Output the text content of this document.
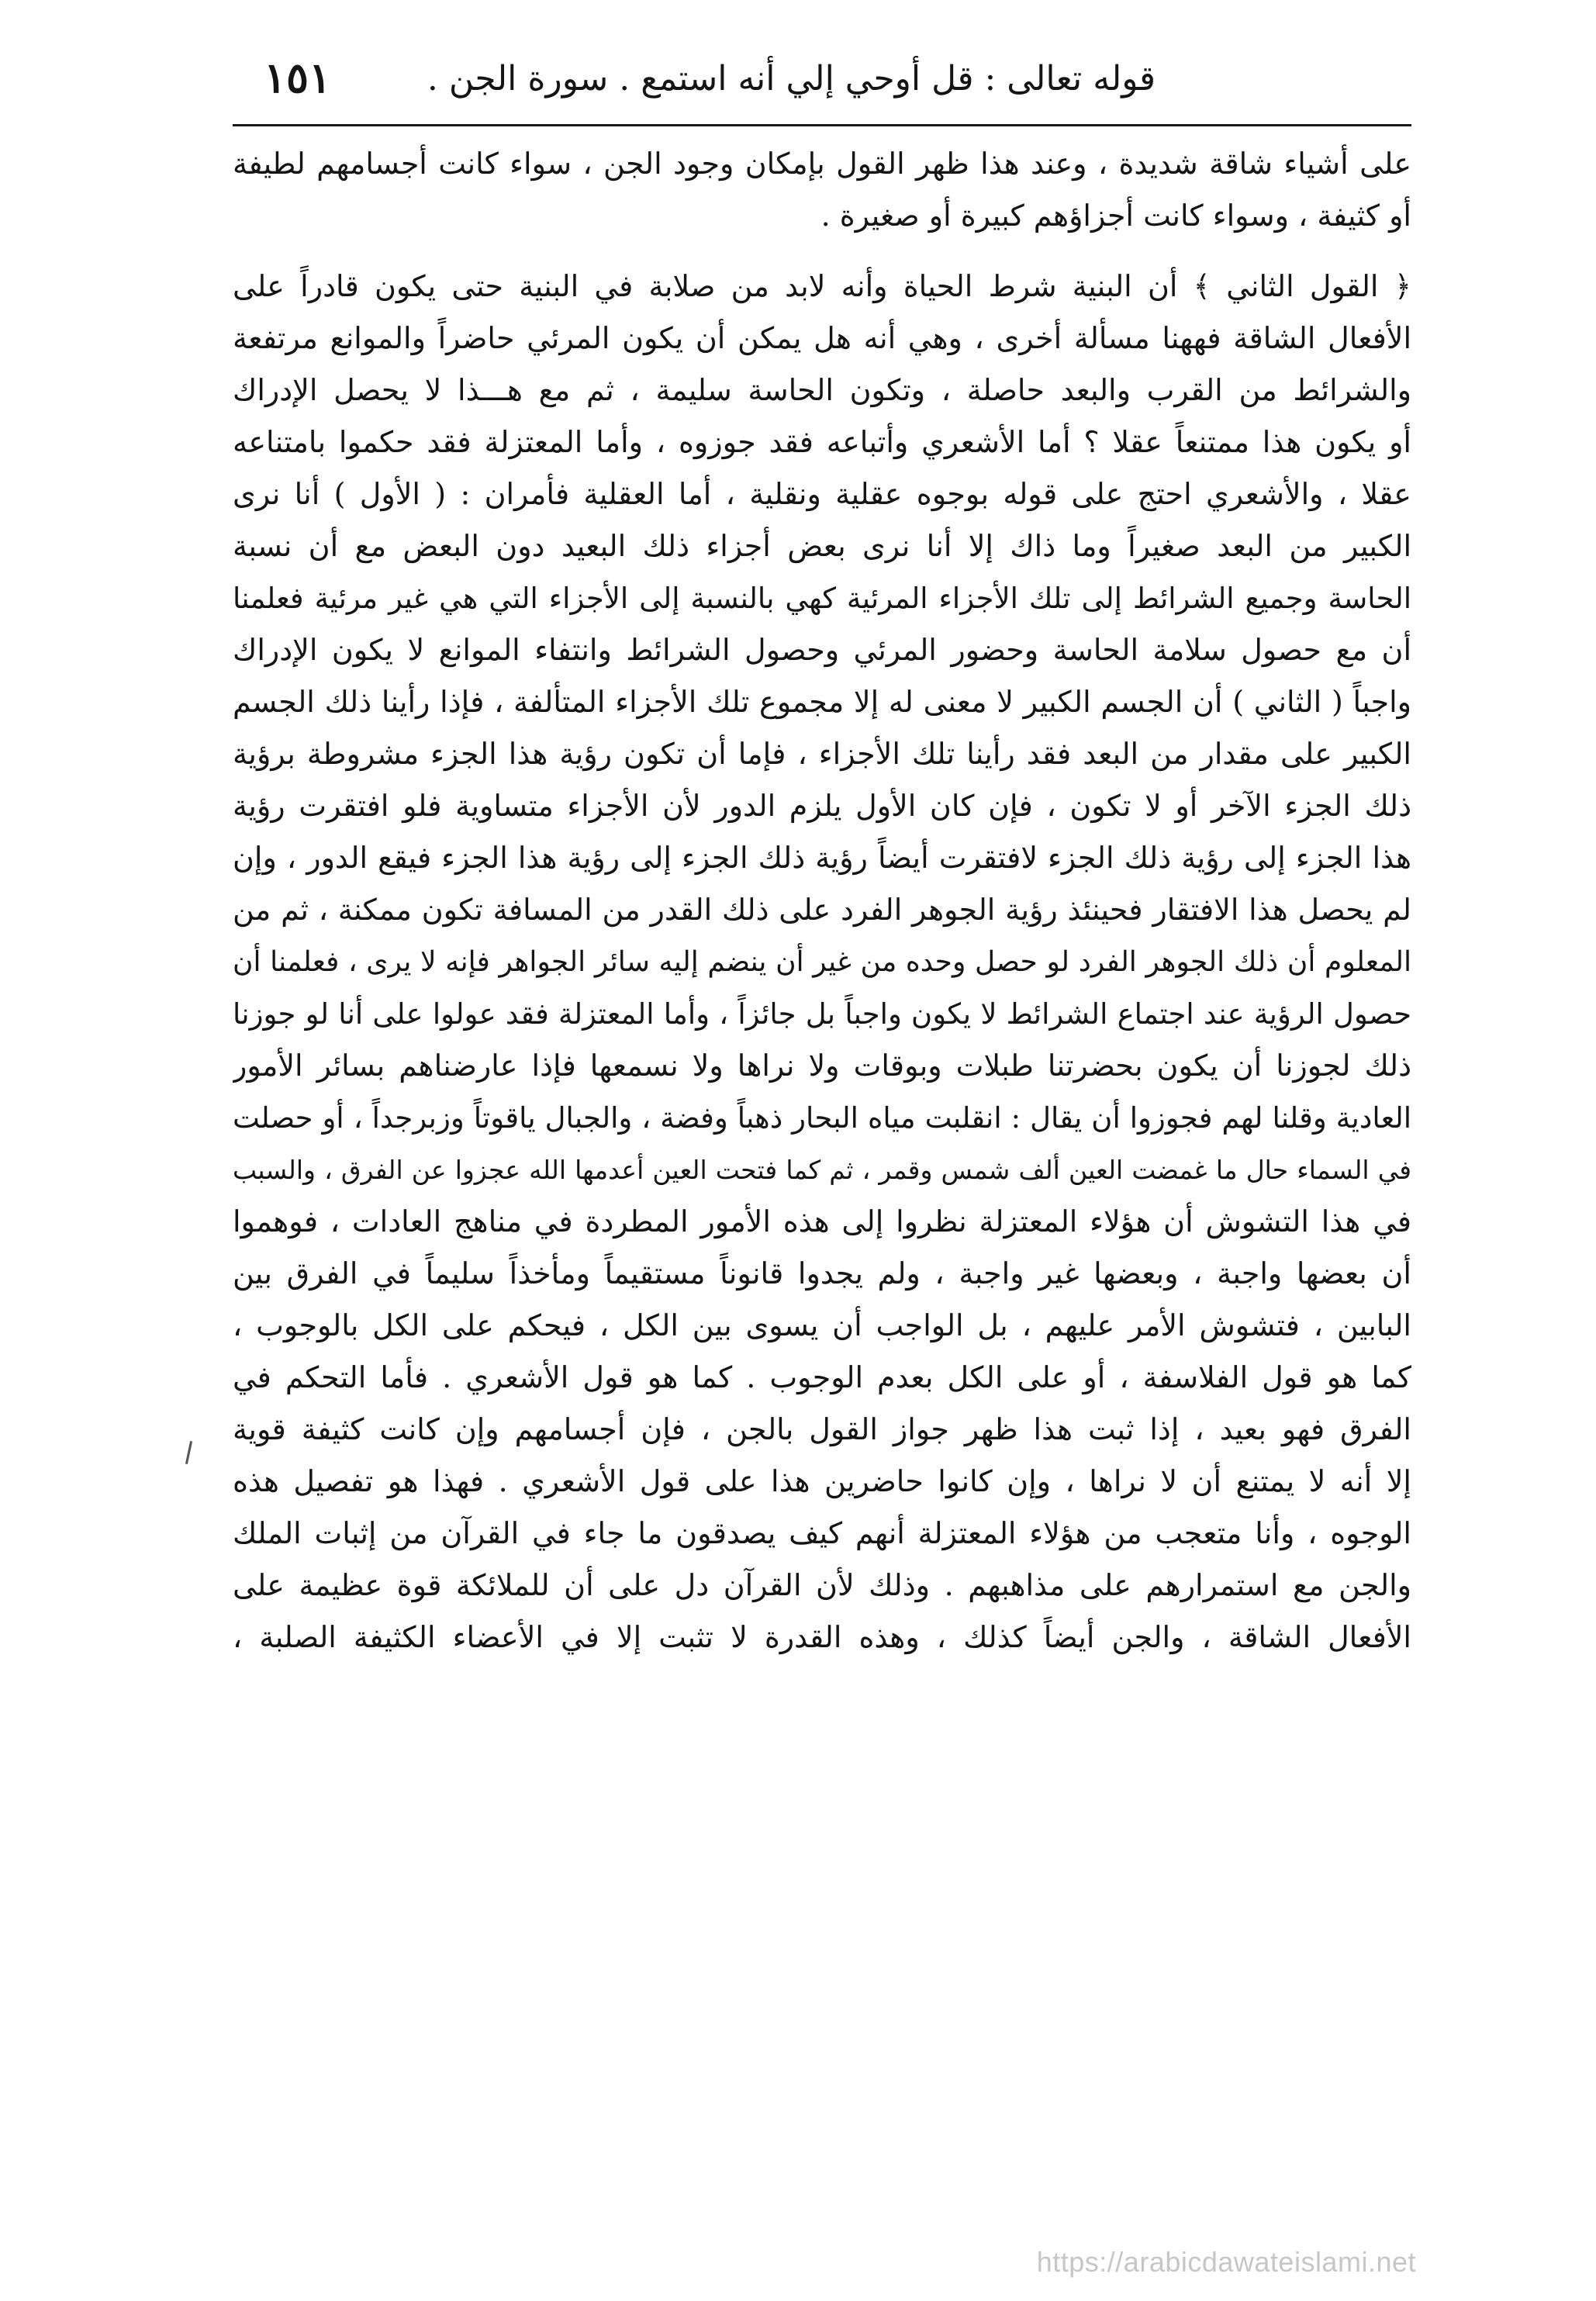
قوله تعالى : قل أوحي إلي أنه استمع . سورة الجن .
١٥١
على أشياء شاقة شديدة ، وعند هذا ظهر القول بإمكان وجود الجن ، سواء كانت أجسامهم لطيفة
أو كثيفة ، وسواء كانت أجزاؤهم كبيرة أو صغيرة .
﴿ القول الثاني ﴾ أن البنية شرط الحياة وأنه لابد من صلابة في البنية حتى يكون قادراً على
الأفعال الشاقة فههنا مسألة أخرى ، وهي أنه هل يمكن أن يكون المرئي حاضراً والموانع مرتفعة
والشرائط من القرب والبعد حاصلة ، وتكون الحاسة سليمة ، ثم مع هـــذا لا يحصل الإدراك
أو يكون هذا ممتنعاً عقلا ؟ أما الأشعري وأتباعه فقد جوزوه ، وأما المعتزلة فقد حكموا بامتناعه
عقلا ، والأشعري احتج على قوله بوجوه عقلية ونقلية ، أما العقلية فأمران : ( الأول ) أنا نرى
الكبير من البعد صغيراً وما ذاك إلا أنا نرى بعض أجزاء ذلك البعيد دون البعض مع أن نسبة
الحاسة وجميع الشرائط إلى تلك الأجزاء المرئية كهي بالنسبة إلى الأجزاء التي هي غير مرئية فعلمنا
أن مع حصول سلامة الحاسة وحضور المرئي وحصول الشرائط وانتفاء الموانع لا يكون الإدراك
واجباً ( الثاني ) أن الجسم الكبير لا معنى له إلا مجموع تلك الأجزاء المتألفة ، فإذا رأينا ذلك الجسم
الكبير على مقدار من البعد فقد رأينا تلك الأجزاء ، فإما أن تكون رؤية هذا الجزء مشروطة برؤية
ذلك الجزء الآخر أو لا تكون ، فإن كان الأول يلزم الدور لأن الأجزاء متساوية فلو افتقرت رؤية
هذا الجزء إلى رؤية ذلك الجزء لافتقرت أيضاً رؤية ذلك الجزء إلى رؤية هذا الجزء فيقع الدور ، وإن
لم يحصل هذا الافتقار فحينئذ رؤية الجوهر الفرد على ذلك القدر من المسافة تكون ممكنة ، ثم من
المعلوم أن ذلك الجوهر الفرد لو حصل وحده من غير أن ينضم إليه سائر الجواهر فإنه لا يرى ، فعلمنا أن
حصول الرؤية عند اجتماع الشرائط لا يكون واجباً بل جائزاً ، وأما المعتزلة فقد عولوا على أنا لو جوزنا
ذلك لجوزنا أن يكون بحضرتنا طبلات وبوقات ولا نراها ولا نسمعها فإذا عارضناهم بسائر الأمور
العادية وقلنا لهم فجوزوا أن يقال : انقلبت مياه البحار ذهباً وفضة ، والجبال ياقوتاً وزبرجداً ، أو حصلت
في السماء حال ما غمضت العين ألف شمس وقمر ، ثم كما فتحت العين أعدمها الله عجزوا عن الفرق ، والسبب
في هذا التشوش أن هؤلاء المعتزلة نظروا إلى هذه الأمور المطردة في مناهج العادات ، فوهموا
أن بعضها واجبة ، وبعضها غير واجبة ، ولم يجدوا قانوناً مستقيماً ومأخذاً سليماً في الفرق بين
البابين ، فتشوش الأمر عليهم ، بل الواجب أن يسوى بين الكل ، فيحكم على الكل بالوجوب ،
كما هو قول الفلاسفة ، أو على الكل بعدم الوجوب . كما هو قول الأشعري . فأما التحكم في
الفرق فهو بعيد ، إذا ثبت هذا ظهر جواز القول بالجن ، فإن أجسامهم وإن كانت كثيفة قوية
إلا أنه لا يمتنع أن لا نراها ، وإن كانوا حاضرين هذا على قول الأشعري . فهذا هو تفصيل هذه
الوجوه ، وأنا متعجب من هؤلاء المعتزلة أنهم كيف يصدقون ما جاء في القرآن من إثبات الملك
والجن مع استمرارهم على مذاهبهم . وذلك لأن القرآن دل على أن للملائكة قوة عظيمة على
الأفعال الشاقة ، والجن أيضاً كذلك ، وهذه القدرة لا تثبت إلا في الأعضاء الكثيفة الصلبة ،
https://arabicdawateislami.net
